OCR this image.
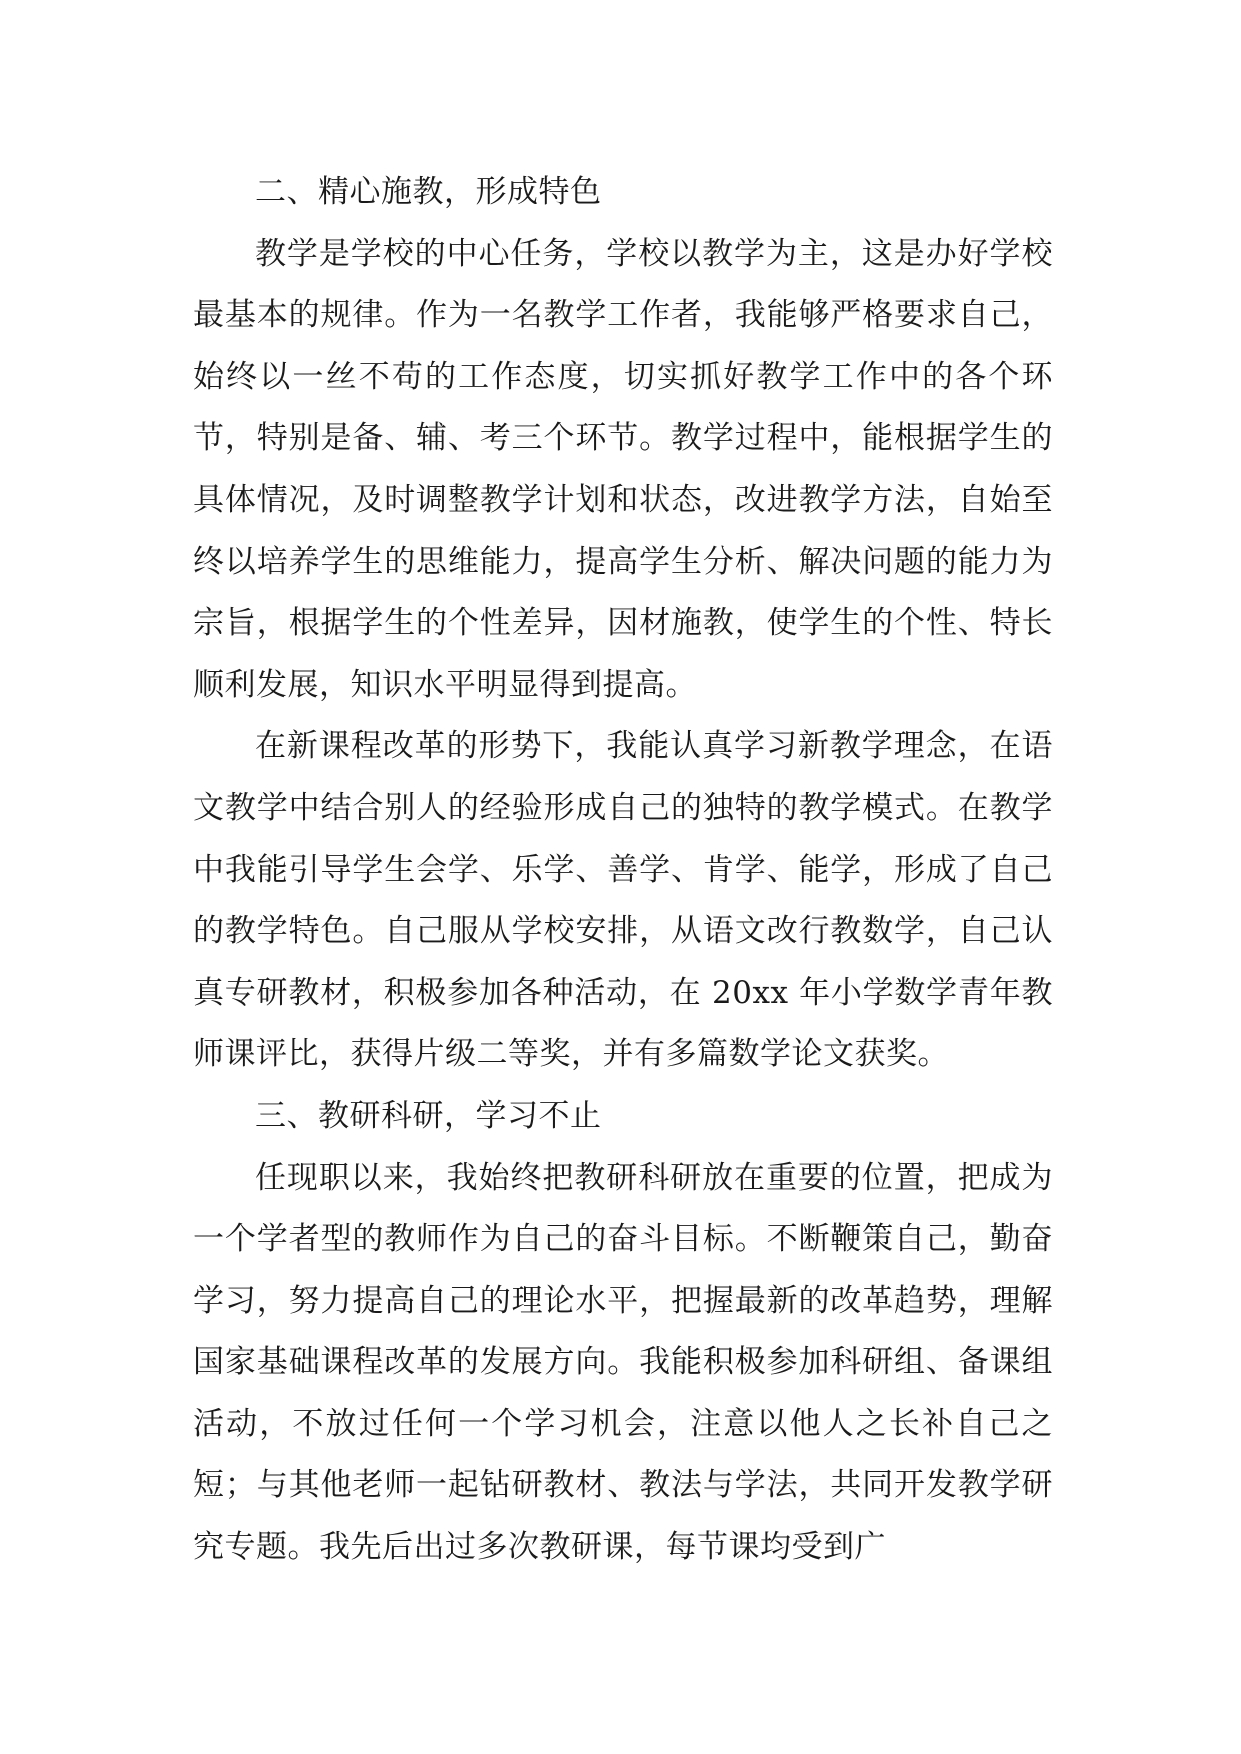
二、精心施教，形成特色

教学是学校的中心任务，学校以教学为主，这是办好学校最基本的规律。作为一名教学工作者，我能够严格要求自己，始终以一丝不苟的工作态度，切实抓好教学工作中的各个环节，特别是备、辅、考三个环节。教学过程中，能根据学生的具体情况，及时调整教学计划和状态，改进教学方法，自始至终以培养学生的思维能力，提高学生分析、解决问题的能力为宗旨，根据学生的个性差异，因材施教，使学生的个性、特长顺利发展，知识水平明显得到提高。

在新课程改革的形势下，我能认真学习新教学理念，在语文教学中结合别人的经验形成自己的独特的教学模式。在教学中我能引导学生会学、乐学、善学、肯学、能学，形成了自己的教学特色。自己服从学校安排，从语文改行教数学，自己认真专研教材，积极参加各种活动，在 20xx 年小学数学青年教师课评比，获得片级二等奖，并有多篇数学论文获奖。

三、教研科研，学习不止

任现职以来，我始终把教研科研放在重要的位置，把成为一个学者型的教师作为自己的奋斗目标。不断鞭策自己，勤奋学习，努力提高自己的理论水平，把握最新的改革趋势，理解国家基础课程改革的发展方向。我能积极参加科研组、备课组活动，不放过任何一个学习机会，注意以他人之长补自己之短；与其他老师一起钻研教材、教法与学法，共同开发教学研究专题。我先后出过多次教研课，每节课均受到广
